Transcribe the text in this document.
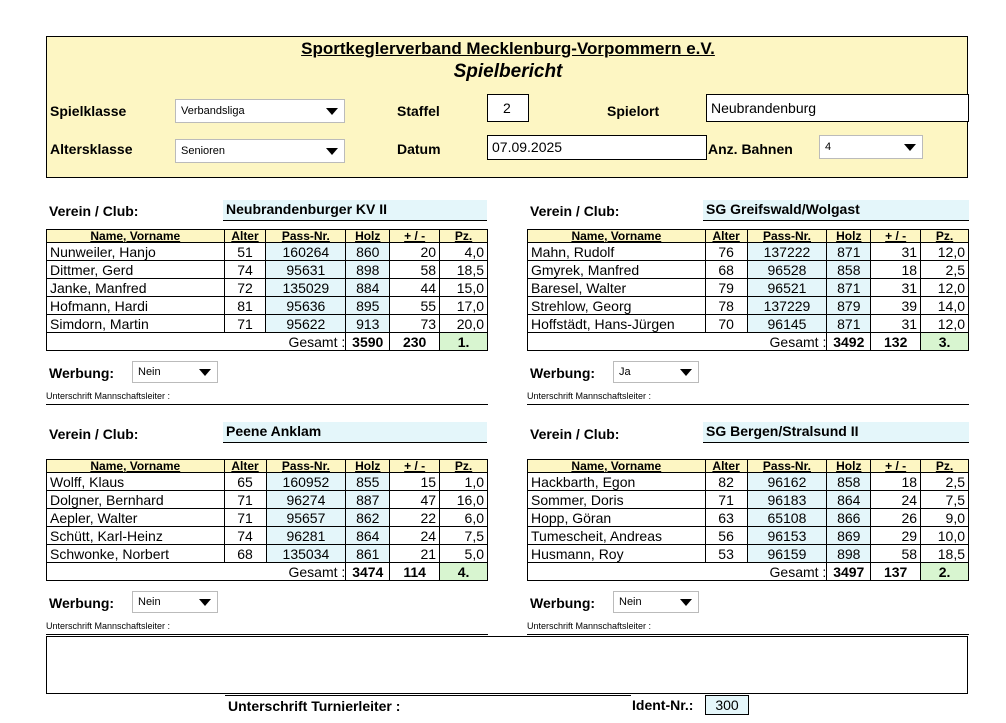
Sportkeglerverband Mecklenburg-Vorpommern e.V.
Spielbericht
Spielklasse	Verbandsliga
Altersklasse	Senioren
Staffel	2
Datum	07.09.2025
Spielort	Neubrandenburg
Anz. Bahnen	4
Verein / Club:	Neubrandenburger KV II
Name, Vorname	Alter	Pass-Nr.	Holz	+ / -	Pz.
Nunweiler, Hanjo	51	160264	860	20	4,0
Dittmer, Gerd	74	95631	898	58	18,5
Janke, Manfred	72	135029	884	44	15,0
Hofmann, Hardi	81	95636	895	55	17,0
Simdorn, Martin	71	95622	913	73	20,0
Gesamt :			3590	230	1.
Werbung:	Nein
Unterschrift Mannschaftsleiter :
Verein / Club:	SG Greifswald/Wolgast
Name, Vorname	Alter	Pass-Nr.	Holz	+ / -	Pz.
Mahn, Rudolf	76	137222	871	31	12,0
Gmyrek, Manfred	68	96528	858	18	2,5
Baresel, Walter	79	96521	871	31	12,0
Strehlow, Georg	78	137229	879	39	14,0
Hoffstädt, Hans-Jürgen	70	96145	871	31	12,0
Gesamt :			3492	132	3.
Werbung:	Ja
Unterschrift Mannschaftsleiter :
Verein / Club:	Peene Anklam
Name, Vorname	Alter	Pass-Nr.	Holz	+ / -	Pz.
Wolff, Klaus	65	160952	855	15	1,0
Dolgner, Bernhard	71	96274	887	47	16,0
Aepler, Walter	71	95657	862	22	6,0
Schütt, Karl-Heinz	74	96281	864	24	7,5
Schwonke, Norbert	68	135034	861	21	5,0
Gesamt :			3474	114	4.
Werbung:	Nein
Unterschrift Mannschaftsleiter :
Verein / Club:	SG Bergen/Stralsund II
Name, Vorname	Alter	Pass-Nr.	Holz	+ / -	Pz.
Hackbarth, Egon	82	96162	858	18	2,5
Sommer, Doris	71	96183	864	24	7,5
Hopp, Göran	63	65108	866	26	9,0
Tumescheit, Andreas	56	96153	869	29	10,0
Husmann, Roy	53	96159	898	58	18,5
Gesamt :			3497	137	2.
Werbung:	Nein
Unterschrift Mannschaftsleiter :
Unterschrift Turnierleiter :	Ident-Nr.:	300
